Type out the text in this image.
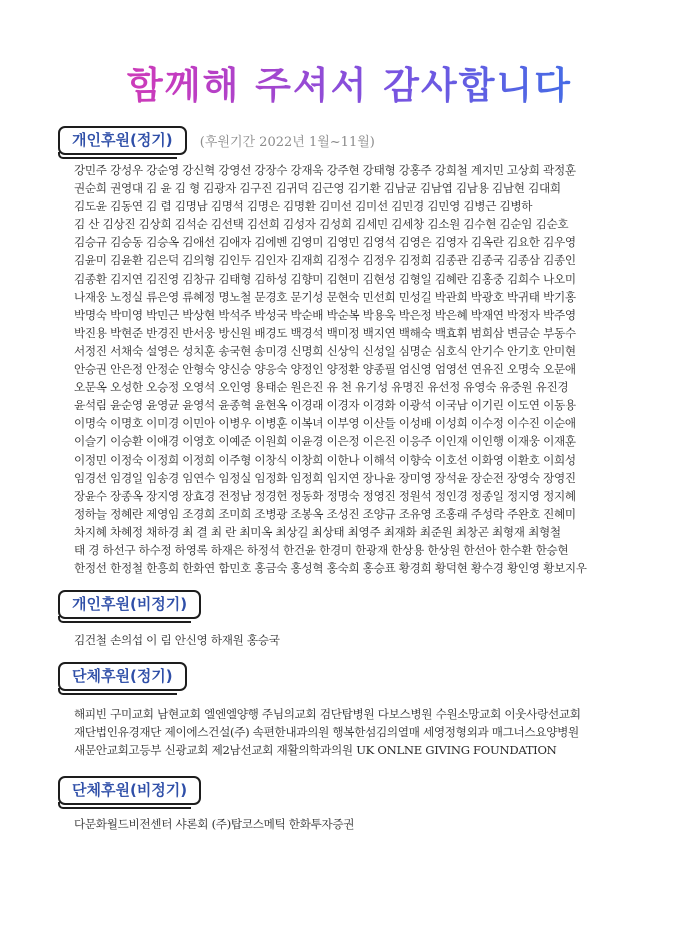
함께해 주셔서 감사합니다
개인후원(정기) (후원기간 2022년 1월~11월)
강민주 강성우 강순영 강신혁 강영선 강장수 강재욱 강주현 강태형 강홍주 강희철 계지민 고상희 곽정훈
권순희 권영대 김 윤 김 형 김광자 김구진 김귀덕 김근영 김기환 김남균 김남엽 김남용 김남현 김대희
김도윤 김동연 김 렴 김명남 김명석 김명은 김명환 김미선 김미선 김민경 김민영 김병근 김병하
김 산 김상진 김상희 김석순 김선택 김선희 김성자 김성희 김세민 김세창 김소원 김수현 김순임 김순호
김승규 김승동 김승옥 김애선 김애자 김에벤 김영미 김영민 김영석 김영은 김영자 김옥란 김요한 김우영
김윤미 김윤환 김은덕 김의형 김인두 김인자 김재희 김정수 김정우 김정희 김종관 김종국 김종삼 김종인
김종환 김지연 김진영 김창규 김태형 김하성 김향미 김현미 김현성 김형일 김혜란 김홍중 김희수 나오미
나재웅 노정실 류은영 류혜정 명노철 문경호 문기성 문현숙 민선희 민성길 박관희 박광호 박귀태 박기홍
박명숙 박미영 박민근 박상현 박석주 박성국 박순배 박순복 박용욱 박은정 박은혜 박재연 박정자 박주영
박진용 박현준 반경진 반서웅 방신원 배경도 백경석 백미정 백지연 백해숙 백효휘 범희삼 변금순 부동수
서정진 서채숙 설영은 성치훈 송국현 송미경 신명희 신상익 신성일 심명순 심호식 안기수 안기호 안미현
안승권 안은정 안정순 안형숙 양신승 양응숙 양정인 양정환 양종필 엄신영 엄영선 연유진 오명숙 오문애
오문옥 오성한 오승정 오영석 오인영 용태순 원은진 유 천 유기성 유명진 유선정 유영숙 유중원 유진경
윤석림 윤순영 윤영균 윤영석 윤종혁 윤현옥 이경래 이경자 이경화 이광석 이국남 이기린 이도연 이동용
이명숙 이명호 이미경 이민아 이병우 이병훈 이복녀 이부영 이산들 이성배 이성희 이수정 이수진 이순애
이슬기 이승환 이애경 이영호 이예준 이원희 이윤경 이은정 이은진 이응주 이인재 이인행 이재웅 이재훈
이정민 이정숙 이정희 이정희 이주형 이창식 이창희 이한나 이해석 이향숙 이호선 이화영 이환호 이희성
임경선 임경일 임송경 임연수 임정실 임정화 임정희 임지연 장나윤 장미영 장석윤 장순전 장영숙 장영진
장윤수 장종옥 장지영 장효경 전정남 정경헌 정동화 정명숙 정영진 정원석 정인경 정종일 정지영 정지혜
정하늘 정혜란 제영임 조경희 조미희 조병광 조봉옥 조성진 조양규 조유영 조홍래 주성락 주완호 진혜미
차지혜 차혜정 채하경 최 결 최 란 최미옥 최상길 최상태 최영주 최재화 최준원 최창곤 최형재 최형철
태 경 하선구 하수정 하영록 하재은 하정석 한건윤 한경미 한광재 한상용 한상원 한선아 한수환 한승현
한정선 한정철 한흥희 한화연 함민호 홍금숙 홍성혁 홍숙희 홍승표 황경희 황덕현 황수경 황인영 황보지우
개인후원(비정기)
김건철 손의섭 이 림 안신영 하재원 홍승국
단체후원(정기)
해피빈 구미교회 남현교회 엘엔엘양행 주님의교회 검단탑병원 다보스병원 수원소망교회 이웃사랑선교회
재단법인유경재단 제이에스건설(주) 속편한내과의원 행복한섬김의열매 세영정형외과 매그너스요양병원
새문안교회고등부 신광교회 제2남선교회 재활의학과의원 UK ONLNE GIVING FOUNDATION
단체후원(비정기)
다문화월드비전센터 샤론회 (주)탑코스메틱 한화투자증권
